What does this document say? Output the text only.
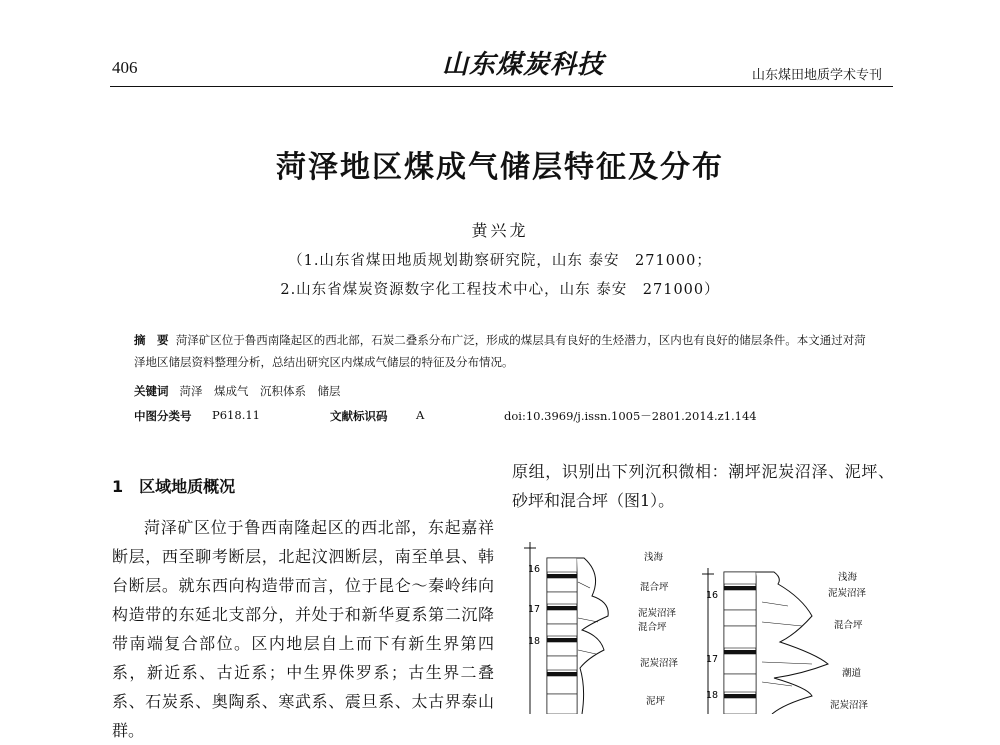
406	山东煤炭科技	山东煤田地质学术专刊
菏泽地区煤成气储层特征及分布
黄兴龙
（1.山东省煤田地质规划勘察研究院，山东 泰安　271000；
2.山东省煤炭资源数字化工程技术中心，山东 泰安　271000）
摘　要 菏泽矿区位于鲁西南隆起区的西北部，石炭二叠系分布广泛，形成的煤层具有良好的生烃潜力，区内也有良好的储层条件。本文通过对菏泽地区储层资料整理分析，总结出研究区内煤成气储层的特征及分布情况。
关键词 菏泽　煤成气　沉积体系　储层
中图分类号 P618.11	文献标识码 A	doi:10.3969/j.issn.1005－2801.2014.z1.144
1　区域地质概况
菏泽矿区位于鲁西南隆起区的西北部，东起嘉祥断层，西至聊考断层，北起汶泗断层，南至单县、韩台断层。就东西向构造带而言，位于昆仑～秦岭纬向构造带的东延北支部分，并处于和新华夏系第二沉降带南端复合部位。区内地层自上而下有新生界第四系，新近系、古近系；中生界侏罗系；古生界二叠系、石炭系、奥陶系、寒武系、震旦系、太古界泰山群。
原组，识别出下列沉积微相：潮坪泥炭沼泽、泥坪、砂坪和混合坪（图1）。
16
17
18
浅海
混合坪
泥炭沼泽
混合坪
泥炭沼泽
泥坪
16
17
18
浅海
泥炭沼泽
混合坪
潮道
泥炭沼泽
